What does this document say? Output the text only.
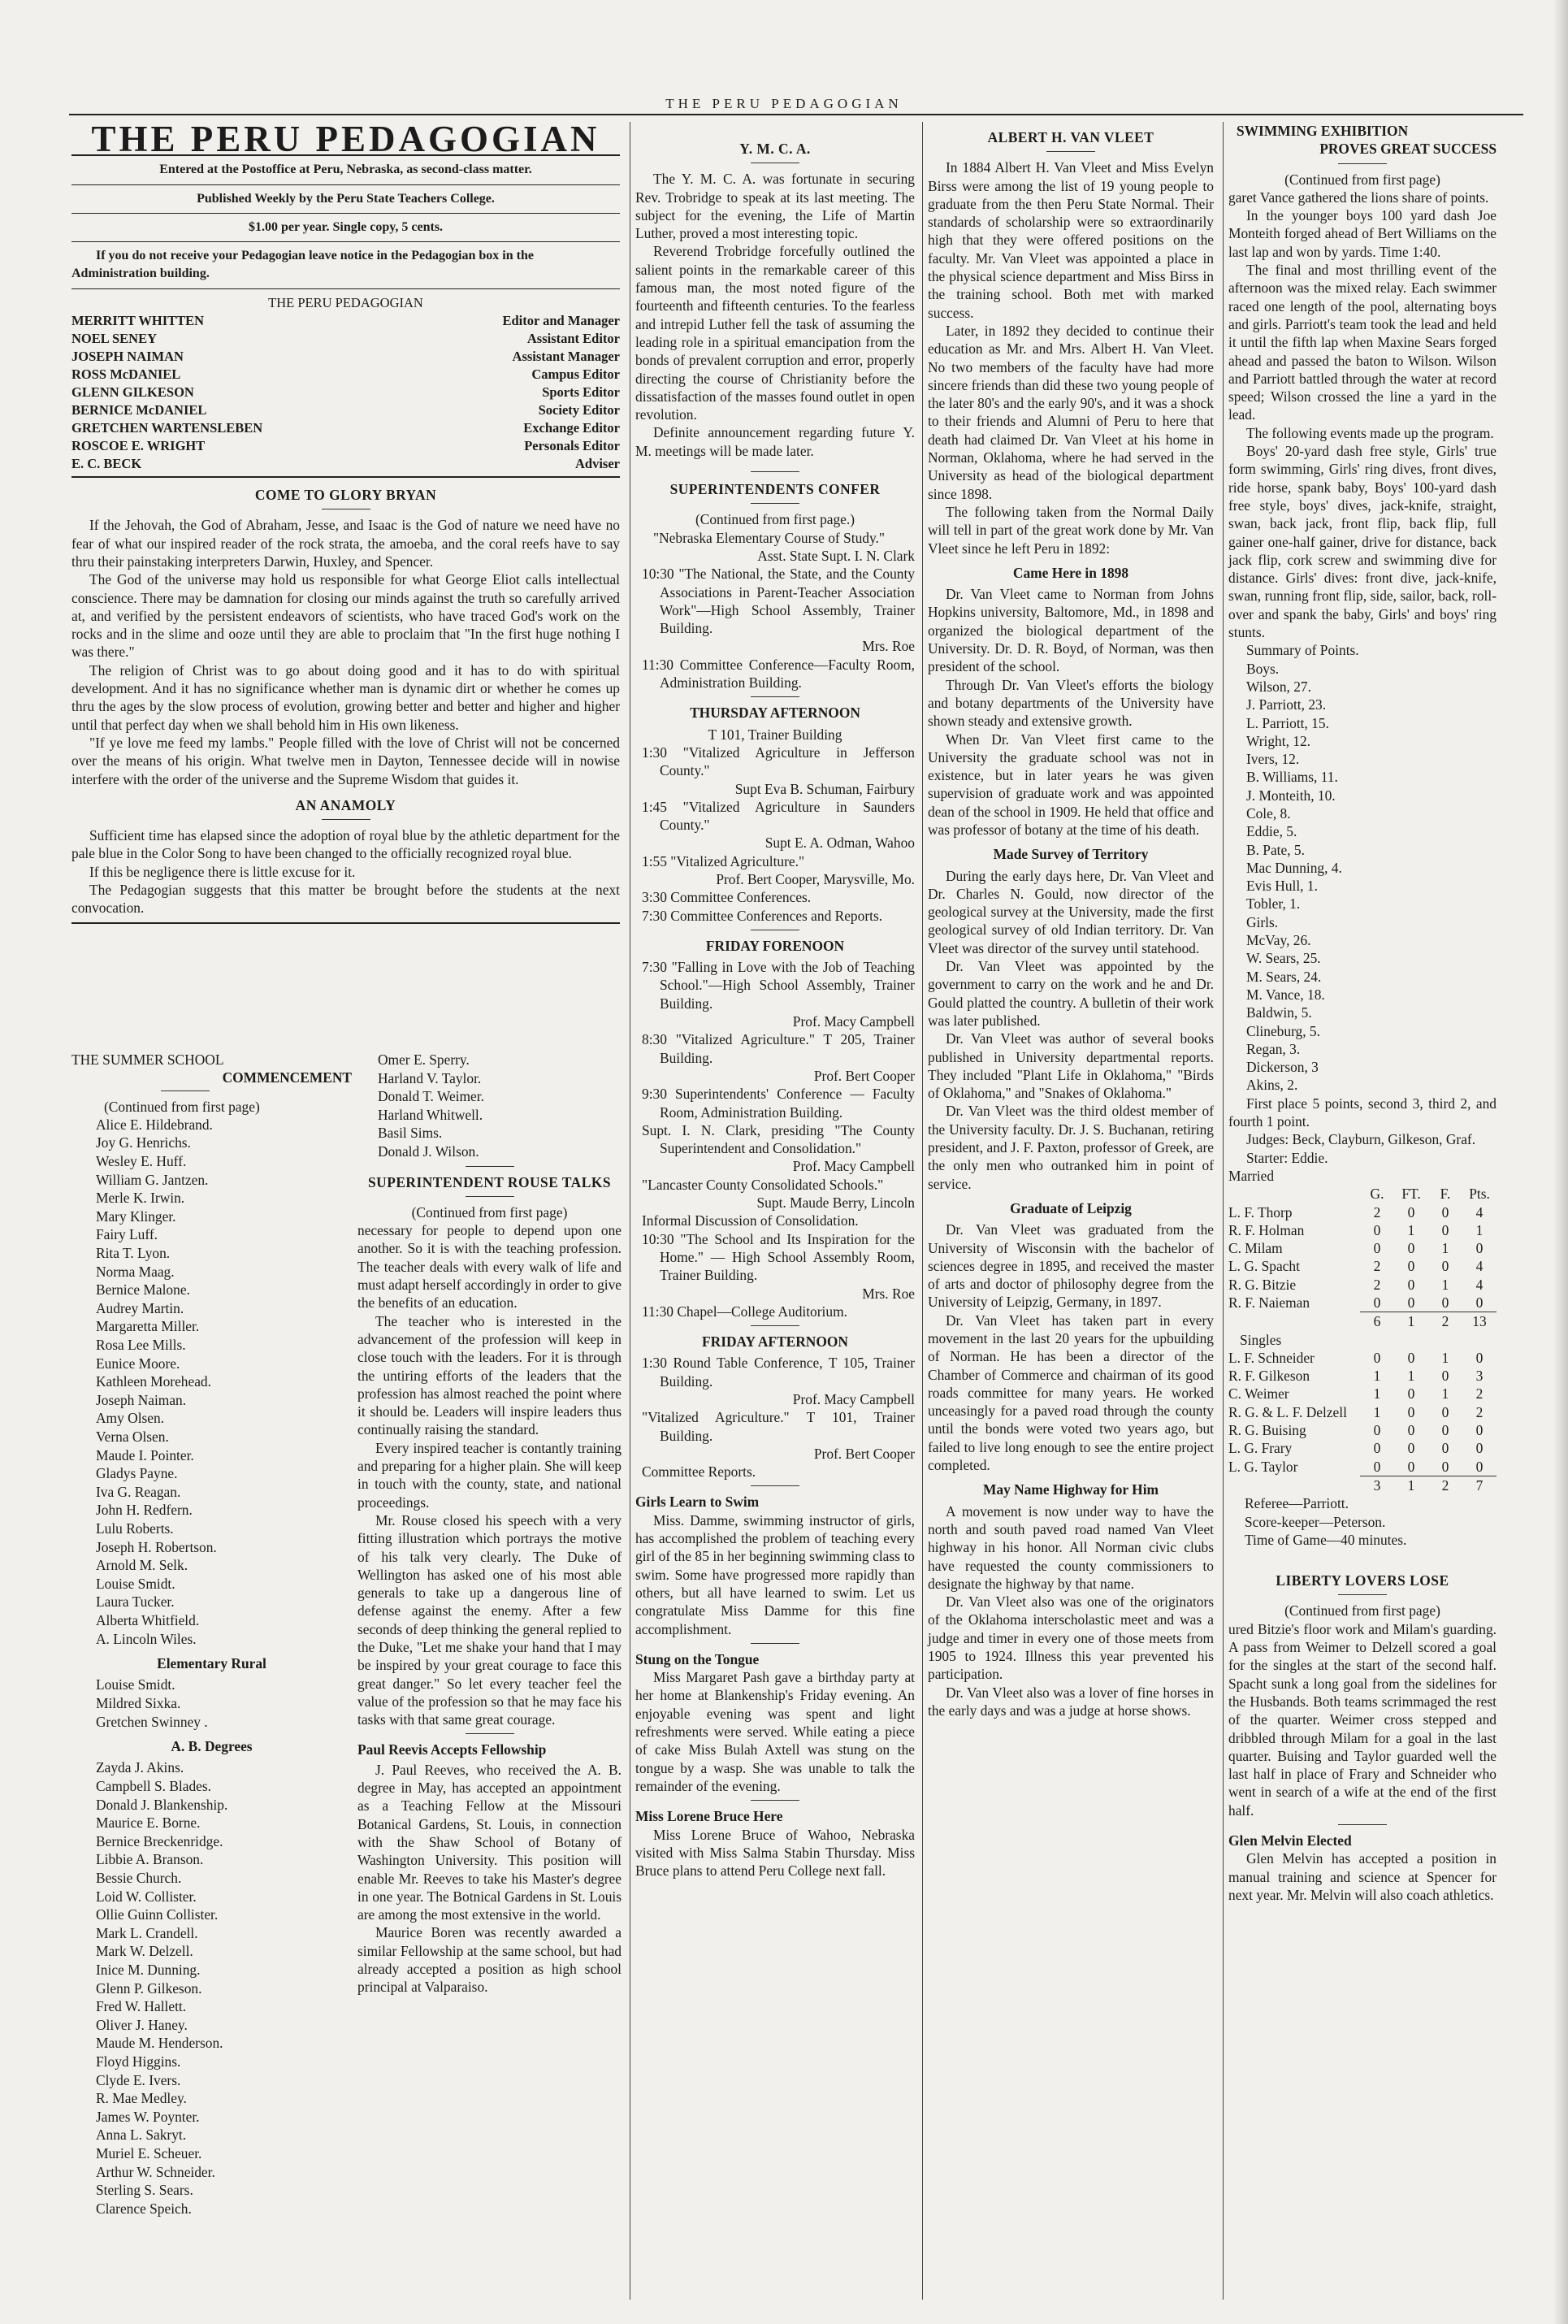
THE PERU PEDAGOGIAN
THE PERU PEDAGOGIAN
Entered at the Postoffice at Peru, Nebraska, as second-class matter.
Published Weekly by the Peru State Teachers College.
$1.00 per year. Single copy, 5 cents.
If you do not receive your Pedagogian leave notice in the Pedagogian box in the Administration building.
THE PERU PEDAGOGIAN
MERRITT WHITTEN	Editor and Manager
NOEL SENEY	Assistant Editor
JOSEPH NAIMAN	Assistant Manager
ROSS McDANIEL	Campus Editor
GLENN GILKESON	Sports Editor
BERNICE McDANIEL	Society Editor
GRETCHEN WARTENSLEBEN	Exchange Editor
ROSCOE E. WRIGHT	Personals Editor
E. C. BECK	Adviser
COME TO GLORY BRYAN

If the Jehovah, the God of Abraham, Jesse, and Isaac is the God of nature we need have no fear of what our inspired reader of the rock strata, the amoeba, and the coral reefs have to say thru their painstaking interpreters Darwin, Huxley, and Spencer.

The God of the universe may hold us responsible for what George Eliot calls intellectual conscience. There may be damnation for closing our minds against the truth so carefully arrived at, and verified by the persistent endeavors of scientists, who have traced God's work on the rocks and in the slime and ooze until they are able to proclaim that "In the first huge nothing I was there."

The religion of Christ was to go about doing good and it has to do with spiritual development. And it has no significance whether man is dynamic dirt or whether he comes up thru the ages by the slow process of evolution, growing better and better and higher and higher until that perfect day when we shall behold him in His own likeness.

"If ye love me feed my lambs." People filled with the love of Christ will not be concerned over the means of his origin. What twelve men in Dayton, Tennessee decide will in nowise interfere with the order of the universe and the Supreme Wisdom that guides it.

AN ANAMOLY

Sufficient time has elapsed since the adoption of royal blue by the athletic department for the pale blue in the Color Song to have been changed to the officially recognized royal blue.

If this be negligence there is little excuse for it.

The Pedagogian suggests that this matter be brought before the students at the next convocation.

THE SUMMER SCHOOL
COMMENCEMENT
(Continued from first page)
Alice E. Hildebrand.
Joy G. Henrichs.
Wesley E. Huff.
William G. Jantzen.
Merle K. Irwin.
Mary Klinger.
Fairy Luff.
Rita T. Lyon.
Norma Maag.
Bernice Malone.
Audrey Martin.
Margaretta Miller.
Rosa Lee Mills.
Eunice Moore.
Kathleen Morehead.
Joseph Naiman.
Amy Olsen.
Verna Olsen.
Maude I. Pointer.
Gladys Payne.
Iva G. Reagan.
John H. Redfern.
Lulu Roberts.
Joseph H. Robertson.
Arnold M. Selk.
Louise Smidt.
Laura Tucker.
Alberta Whitfield.
A. Lincoln Wiles.
Elementary Rural
Louise Smidt.
Mildred Sixka.
Gretchen Swinney .
A. B. Degrees
Zayda J. Akins.
Campbell S. Blades.
Donald J. Blankenship.
Maurice E. Borne.
Bernice Breckenridge.
Libbie A. Branson.
Bessie Church.
Loid W. Collister.
Ollie Guinn Collister.
Mark L. Crandell.
Mark W. Delzell.
Inice M. Dunning.
Glenn P. Gilkeson.
Fred W. Hallett.
Oliver J. Haney.
Maude M. Henderson.
Floyd Higgins.
Clyde E. Ivers.
R. Mae Medley.
James W. Poynter.
Anna L. Sakryt.
Muriel E. Scheuer.
Arthur W. Schneider.
Sterling S. Sears.
Clarence Speich.
Omer E. Sperry.
Harland V. Taylor.
Donald T. Weimer.
Harland Whitwell.
Basil Sims.
Donald J. Wilson.
SUPERINTENDENT ROUSE TALKS
(Continued from first page)

necessary for people to depend upon one another. So it is with the teaching profession. The teacher deals with every walk of life and must adapt herself accordingly in order to give the benefits of an education.

The teacher who is interested in the advancement of the profession will keep in close touch with the leaders. For it is through the untiring efforts of the leaders that the profession has almost reached the point where it should be. Leaders will inspire leaders thus continually raising the standard.

Every inspired teacher is contantly training and preparing for a higher plain. She will keep in touch with the county, state, and national proceedings.

Mr. Rouse closed his speech with a very fitting illustration which portrays the motive of his talk very clearly. The Duke of Wellington has asked one of his most able generals to take up a dangerous line of defense against the enemy. After a few seconds of deep thinking the general replied to the Duke, "Let me shake your hand that I may be inspired by your great courage to face this great danger." So let every teacher feel the value of the profession so that he may face his tasks with that same great courage.

Paul Reevis Accepts Fellowship

J. Paul Reeves, who received the A. B. degree in May, has accepted an appointment as a Teaching Fellow at the Missouri Botanical Gardens, St. Louis, in connection with the Shaw School of Botany of Washington University. This position will enable Mr. Reeves to take his Master's degree in one year. The Botnical Gardens in St. Louis are among the most extensive in the world.

Maurice Boren was recently awarded a similar Fellowship at the same school, but had already accepted a position as high school principal at Valparaiso.

Y. M. C. A.

The Y. M. C. A. was fortunate in securing Rev. Trobridge to speak at its last meeting. The subject for the evening, the Life of Martin Luther, proved a most interesting topic.

Reverend Trobridge forcefully outlined the salient points in the remarkable career of this famous man, the most noted figure of the fourteenth and fifteenth centuries. To the fearless and intrepid Luther fell the task of assuming the leading role in a spiritual emancipation from the bonds of prevalent corruption and error, properly directing the course of Christianity before the dissatisfaction of the masses found outlet in open revolution.

Definite announcement regarding future Y. M. meetings will be made later.

SUPERINTENDENTS CONFER
(Continued from first page.)

"Nebraska Elementary Course of Study."

Asst. State Supt. I. N. Clark

10:30 "The National, the State, and the County Associations in Parent-Teacher Association Work"—High School Assembly, Trainer Building.

Mrs. Roe

11:30 Committee Conference—Faculty Room, Administration Building.

THURSDAY AFTERNOON
T 101, Trainer Building

1:30 "Vitalized Agriculture in Jefferson County."

Supt Eva B. Schuman, Fairbury

1:45 "Vitalized Agriculture in Saunders County."

Supt E. A. Odman, Wahoo

1:55 "Vitalized Agriculture."

Prof. Bert Cooper, Marysville, Mo.

3:30 Committee Conferences.

7:30 Committee Conferences and Reports.

FRIDAY FORENOON

7:30 "Falling in Love with the Job of Teaching School."—High School Assembly, Trainer Building.

Prof. Macy Campbell

8:30 "Vitalized Agriculture." T 205, Trainer Building.

Prof. Bert Cooper

9:30 Superintendents' Conference — Faculty Room, Administration Building.

Supt. I. N. Clark, presiding "The County Superintendent and Consolidation."

Prof. Macy Campbell

"Lancaster County Consolidated Schools."

Supt. Maude Berry, Lincoln

Informal Discussion of Consolidation.

10:30 "The School and Its Inspiration for the Home." — High School Assembly Room, Trainer Building.

Mrs. Roe

11:30 Chapel—College Auditorium.

FRIDAY AFTERNOON

1:30 Round Table Conference, T 105, Trainer Building.

Prof. Macy Campbell

"Vitalized Agriculture." T 101, Trainer Building.

Prof. Bert Cooper

Committee Reports.

Girls Learn to Swim

Miss. Damme, swimming instructor of girls, has accomplished the problem of teaching every girl of the 85 in her beginning swimming class to swim. Some have progressed more rapidly than others, but all have learned to swim. Let us congratulate Miss Damme for this fine accomplishment.

Stung on the Tongue

Miss Margaret Pash gave a birthday party at her home at Blankenship's Friday evening. An enjoyable evening was spent and light refreshments were served. While eating a piece of cake Miss Bulah Axtell was stung on the tongue by a wasp. She was unable to talk the remainder of the evening.

Miss Lorene Bruce Here

Miss Lorene Bruce of Wahoo, Nebraska visited with Miss Salma Stabin Thursday. Miss Bruce plans to attend Peru College next fall.

ALBERT H. VAN VLEET

In 1884 Albert H. Van Vleet and Miss Evelyn Birss were among the list of 19 young people to graduate from the then Peru State Normal. Their standards of scholarship were so extraordinarily high that they were offered positions on the faculty. Mr. Van Vleet was appointed a place in the physical science department and Miss Birss in the training school. Both met with marked success.

Later, in 1892 they decided to continue their education as Mr. and Mrs. Albert H. Van Vleet. No two members of the faculty have had more sincere friends than did these two young people of the later 80's and the early 90's, and it was a shock to their friends and Alumni of Peru to here that death had claimed Dr. Van Vleet at his home in Norman, Oklahoma, where he had served in the University as head of the biological department since 1898.

The following taken from the Normal Daily will tell in part of the great work done by Mr. Van Vleet since he left Peru in 1892:

Came Here in 1898

Dr. Van Vleet came to Norman from Johns Hopkins university, Baltomore, Md., in 1898 and organized the biological department of the University. Dr. D. R. Boyd, of Norman, was then president of the school.

Through Dr. Van Vleet's efforts the biology and botany departments of the University have shown steady and extensive growth.

When Dr. Van Vleet first came to the University the graduate school was not in existence, but in later years he was given supervision of graduate work and was appointed dean of the school in 1909. He held that office and was professor of botany at the time of his death.

Made Survey of Territory

During the early days here, Dr. Van Vleet and Dr. Charles N. Gould, now director of the geological survey at the University, made the first geological survey of old Indian territory. Dr. Van Vleet was director of the survey until statehood.

Dr. Van Vleet was appointed by the government to carry on the work and he and Dr. Gould platted the country. A bulletin of their work was later published.

Dr. Van Vleet was author of several books published in University departmental reports. They included "Plant Life in Oklahoma," "Birds of Oklahoma," and "Snakes of Oklahoma."

Dr. Van Vleet was the third oldest member of the University faculty. Dr. J. S. Buchanan, retiring president, and J. F. Paxton, professor of Greek, are the only men who outranked him in point of service.

Graduate of Leipzig

Dr. Van Vleet was graduated from the University of Wisconsin with the bachelor of sciences degree in 1895, and received the master of arts and doctor of philosophy degree from the University of Leipzig, Germany, in 1897.

Dr. Van Vleet has taken part in every movement in the last 20 years for the upbuilding of Norman. He has been a director of the Chamber of Commerce and chairman of its good roads committee for many years. He worked unceasingly for a paved road through the county until the bonds were voted two years ago, but failed to live long enough to see the entire project completed.

May Name Highway for Him

A movement is now under way to have the north and south paved road named Van Vleet highway in his honor. All Norman civic clubs have requested the county commissioners to designate the highway by that name.

Dr. Van Vleet also was one of the originators of the Oklahoma interscholastic meet and was a judge and timer in every one of those meets from 1905 to 1924. Illness this year prevented his participation.

Dr. Van Vleet also was a lover of fine horses in the early days and was a judge at horse shows.

SWIMMING EXHIBITION
PROVES GREAT SUCCESS
(Continued from first page)

garet Vance gathered the lions share of points.

In the younger boys 100 yard dash Joe Monteith forged ahead of Bert Williams on the last lap and won by yards. Time 1:40.

The final and most thrilling event of the afternoon was the mixed relay. Each swimmer raced one length of the pool, alternating boys and girls. Parriott's team took the lead and held it until the fifth lap when Maxine Sears forged ahead and passed the baton to Wilson. Wilson and Parriott battled through the water at record speed; Wilson crossed the line a yard in the lead.

The following events made up the program.

Boys' 20-yard dash free style, Girls' true form swimming, Girls' ring dives, front dives, ride horse, spank baby, Boys' 100-yard dash free style, boys' dives, jack-knife, straight, swan, back jack, front flip, back flip, full gainer one-half gainer, drive for distance, back jack flip, cork screw and swimming dive for distance. Girls' dives: front dive, jack-knife, swan, running front flip, side, sailor, back, roll-over and spank the baby, Girls' and boys' ring stunts.

Summary of Points.

Boys.

Wilson, 27.
J. Parriott, 23.
L. Parriott, 15.
Wright, 12.
Ivers, 12.
B. Williams, 11.
J. Monteith, 10.
Cole, 8.
Eddie, 5.
B. Pate, 5.
Mac Dunning, 4.
Evis Hull, 1.
Tobler, 1.

Girls.

McVay, 26.
W. Sears, 25.
M. Sears, 24.
M. Vance, 18.
Baldwin, 5.
Clineburg, 5.
Regan, 3.
Dickerson, 3
Akins, 2.

First place 5 points, second 3, third 2, and fourth 1 point.

Judges: Beck, Clayburn, Gilkeson, Graf.

Starter: Eddie.

Married
	G.	FT.	F.	Pts.
L. F. Thorp	2	0	0	4
R. F. Holman	0	1	0	1
C. Milam	0	0	1	0
L. G. Spacht	2	0	0	4
R. G. Bitzie	2	0	1	4
R. F. Naieman	0	0	0	0
	6	1	2	13
Singles				
L. F. Schneider	0	0	1	0
R. F. Gilkeson	1	1	0	3
C. Weimer	1	0	1	2
R. G. & L. F. Delzell	1	0	0	2
R. G. Buising	0	0	0	0
L. G. Frary	0	0	0	0
L. G. Taylor	0	0	0	0
	3	1	2	7
Referee—Parriott.
Score-keeper—Peterson.
Time of Game—40 minutes.
LIBERTY LOVERS LOSE
(Continued from first page)

ured Bitzie's floor work and Milam's guarding. A pass from Weimer to Delzell scored a goal for the singles at the start of the second half. Spacht sunk a long goal from the sidelines for the Husbands. Both teams scrimmaged the rest of the quarter. Weimer cross stepped and dribbled through Milam for a goal in the last quarter. Buising and Taylor guarded well the last half in place of Frary and Schneider who went in search of a wife at the end of the first half.

Glen Melvin Elected

Glen Melvin has accepted a position in manual training and science at Spencer for next year. Mr. Melvin will also coach athletics.
